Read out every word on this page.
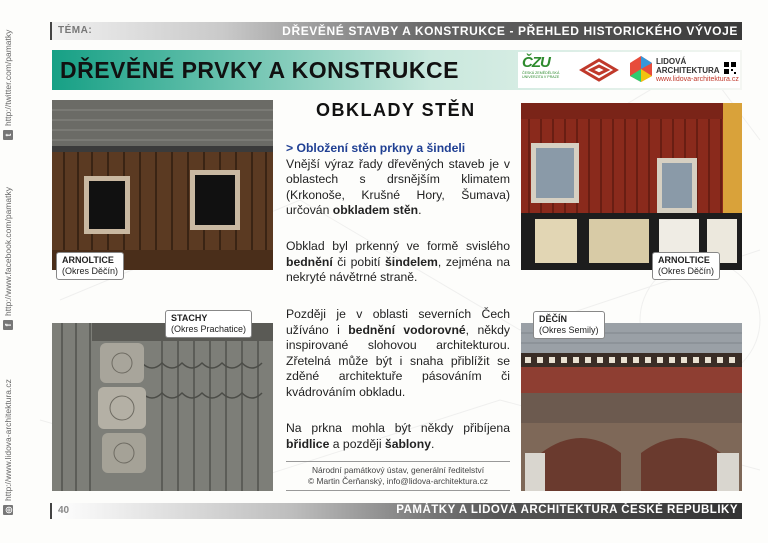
t
http://twitter.com/pamatky
f
http://www.facebook.com/pamatky
◎
http://www.lidova-architektura.cz
TÉMA:	DŘEVĚNÉ STAVBY A KONSTRUKCE - PŘEHLED HISTORICKÉHO VÝVOJE
DŘEVĚNÉ PRVKY A KONSTRUKCE	ČZU
ČESKÁ ZEMĚDĚLSKÁ UNIVERZITA V PRAZE
LIDOVÁ
ARCHITEKTURA
www.lidova-architektura.cz
OBKLADY STĚN
ARNOLTICE
(Okres Děčín)
ARNOLTICE
(Okres Děčín)
STACHY
(Okres Prachatice)
DĚČÍN
(Okres Semily)
> Obložení stěn prkny a šindeli
Vnější výraz řady dřevěných staveb je v oblastech s drsnějším klimatem (Krkonoše, Krušné Hory, Šumava) určován obkladem stěn.
Obklad byl prkenný ve formě svislého bednění či pobití šindelem, zejména na nekryté návětrné straně.
Později je v oblasti severních Čech užíváno i bednění vodorovné, někdy inspirované slohovou architekturou. Zřetelná může být i snaha přiblížit se zděné architektuře pásováním či kvádrováním obkladu.
Na prkna mohla být někdy přibíjena břidlice a později šablony.
Národní památkový ústav, generální ředitelství
© Martin Čerňanský, info@lidova-architektura.cz
40	PAMÁTKY A LIDOVÁ ARCHITEKTURA ČESKÉ REPUBLIKY
